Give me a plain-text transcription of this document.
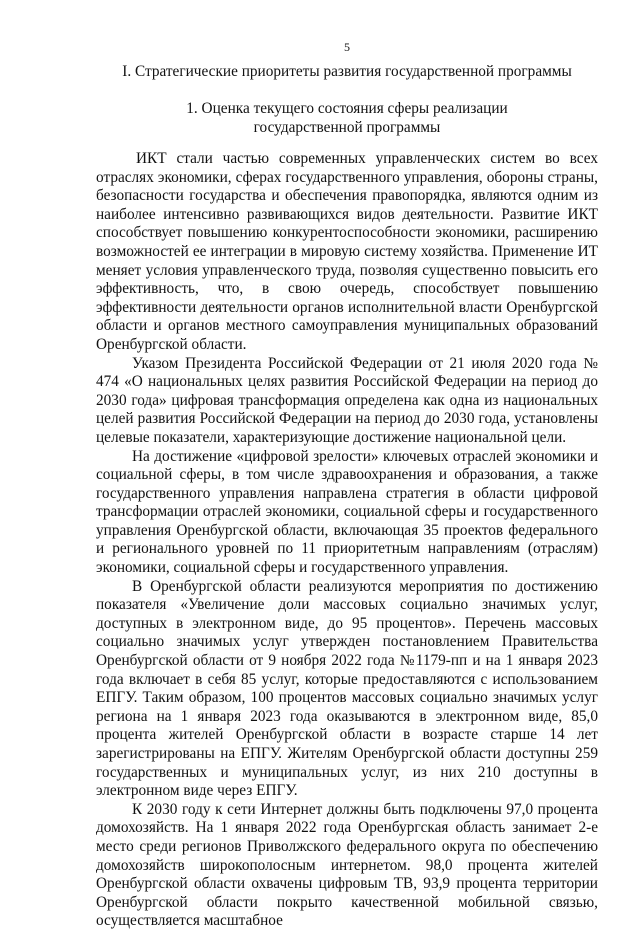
5
I. Стратегические приоритеты развития государственной программы
1. Оценка текущего состояния сферы реализации
государственной программы

ИКТ стали частью современных управленческих систем во всех отраслях экономики, сферах государственного управления, обороны страны, безопасности государства и обеспечения правопорядка, являются одним из наиболее интенсивно развивающихся видов деятельности. Развитие ИКТ способствует повышению конкурентоспособности экономики, расширению возможностей ее интеграции в мировую систему хозяйства. Применение ИТ меняет условия управленческого труда, позволяя существенно повысить его эффективность, что, в свою очередь, способствует повышению эффективности деятельности органов исполнительной власти Оренбургской области и органов местного самоуправления муниципальных образований Оренбургской области.

Указом Президента Российской Федерации от 21 июля 2020 года № 474 «О национальных целях развития Российской Федерации на период до 2030 года» цифровая трансформация определена как одна из национальных целей развития Российской Федерации на период до 2030 года, установлены целевые показатели, характеризующие достижение национальной цели.

На достижение «цифровой зрелости» ключевых отраслей экономики и социальной сферы, в том числе здравоохранения и образования, а также государственного управления направлена стратегия в области цифровой трансформации отраслей экономики, социальной сферы и государственного управления Оренбургской области, включающая 35 проектов федерального и регионального уровней по 11 приоритетным направлениям (отраслям) экономики, социальной сферы и государственного управления.

В Оренбургской области реализуются мероприятия по достижению показателя «Увеличение доли массовых социально значимых услуг, доступных в электронном виде, до 95 процентов». Перечень массовых социально значимых услуг утвержден постановлением Правительства Оренбургской области от 9 ноября 2022 года №1179-пп и на 1 января 2023 года включает в себя 85 услуг, которые предоставляются с использованием ЕПГУ. Таким образом, 100 процентов массовых социально значимых услуг региона на 1 января 2023 года оказываются в электронном виде, 85,0 процента жителей Оренбургской области в возрасте старше 14 лет зарегистрированы на ЕПГУ. Жителям Оренбургской области доступны 259 государственных и муниципальных услуг, из них 210 доступны в электронном виде через ЕПГУ.

К 2030 году к сети Интернет должны быть подключены 97,0 процента домохозяйств. На 1 января 2022 года Оренбургская область занимает 2-е место среди регионов Приволжского федерального округа по обеспечению домохозяйств широкополосным интернетом. 98,0 процента жителей Оренбургской области охвачены цифровым ТВ, 93,9 процента территории Оренбургской области покрыто качественной мобильной связью, осуществляется масштабное
